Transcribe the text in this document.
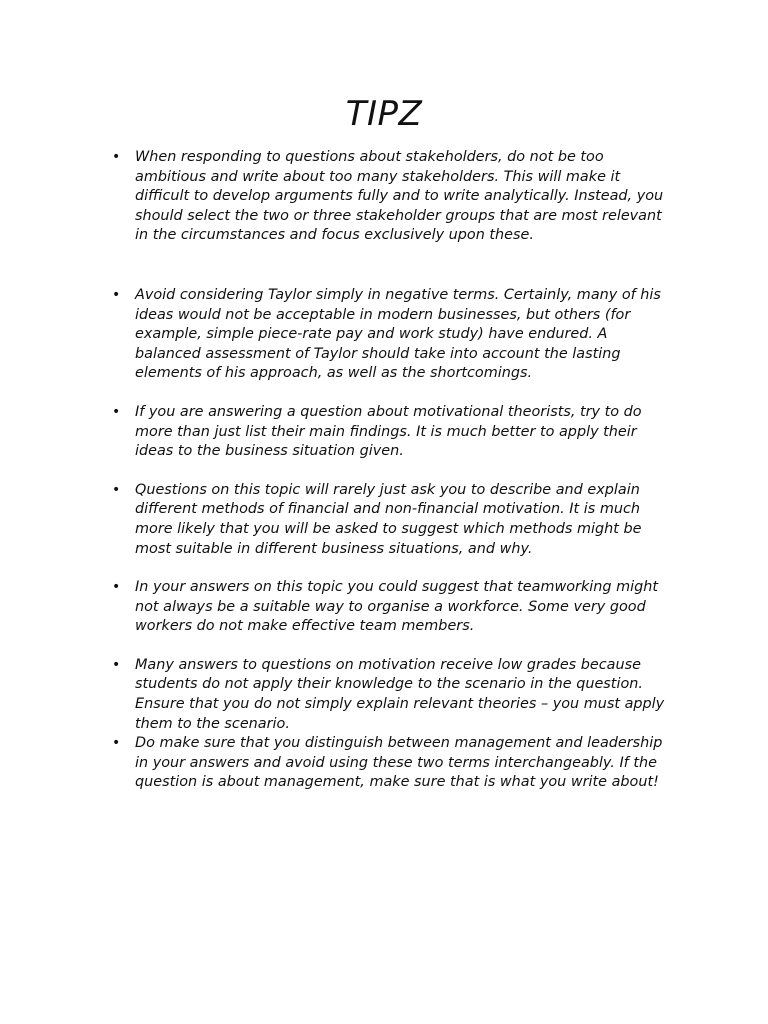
TIPZ
• When responding to questions about stakeholders, do not be too ambitious and write about too many stakeholders. This will make it difficult to develop arguments fully and to write analytically. Instead, you should select the two or three stakeholder groups that are most relevant in the circumstances and focus exclusively upon these.
• Avoid considering Taylor simply in negative terms. Certainly, many of his ideas would not be acceptable in modern businesses, but others (for example, simple piece-rate pay and work study) have endured. A balanced assessment of Taylor should take into account the lasting elements of his approach, as well as the shortcomings.
• If you are answering a question about motivational theorists, try to do more than just list their main findings. It is much better to apply their ideas to the business situation given.
• Questions on this topic will rarely just ask you to describe and explain different methods of financial and non-financial motivation. It is much more likely that you will be asked to suggest which methods might be most suitable in different business situations, and why.
• In your answers on this topic you could suggest that teamworking might not always be a suitable way to organise a workforce. Some very good workers do not make effective team members.
• Many answers to questions on motivation receive low grades because students do not apply their knowledge to the scenario in the question. Ensure that you do not simply explain relevant theories – you must apply them to the scenario.
• Do make sure that you distinguish between management and leadership in your answers and avoid using these two terms interchangeably. If the question is about management, make sure that is what you write about!
